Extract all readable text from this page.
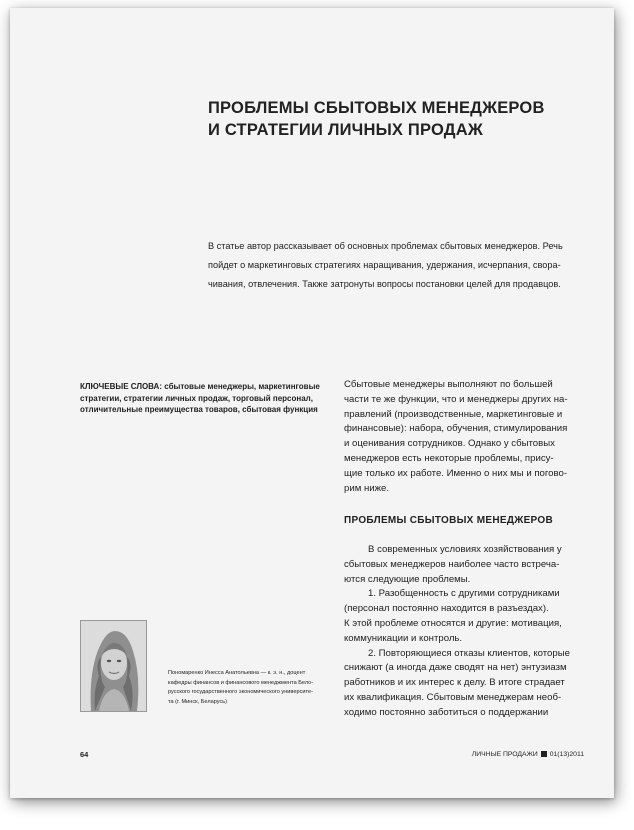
ПРОБЛЕМЫ СБЫТОВЫХ МЕНЕДЖЕРОВ
И СТРАТЕГИИ ЛИЧНЫХ ПРОДАЖ
В статье автор рассказывает об основных проблемах сбытовых менеджеров. Речь
пойдет о маркетинговых стратегиях наращивания, удержания, исчерпания, свора-
чивания, отвлечения. Также затронуты вопросы постановки целей для продавцов.
КЛЮЧЕВЫЕ СЛОВА: сбытовые менеджеры, маркетинговые
стратегии, стратегии личных продаж, торговый персонал,
отличительные преимущества товаров, сбытовая функция
Сбытовые менеджеры выполняют по большей
части те же функции, что и менеджеры других на-
правлений (производственные, маркетинговые и
финансовые): набора, обучения, стимулирования
и оценивания сотрудников. Однако у сбытовых
менеджеров есть некоторые проблемы, прису-
щие только их работе. Именно о них мы и погово-
рим ниже.
ПРОБЛЕМЫ СБЫТОВЫХ МЕНЕДЖЕРОВ
В современных условиях хозяйствования у
сбытовых менеджеров наиболее часто встреча-
ются следующие проблемы.
1. Разобщенность с другими сотрудниками
(персонал постоянно находится в разъездах).
К этой проблеме относятся и другие: мотивация,
коммуникации и контроль.
2. Повторяющиеся отказы клиентов, которые
снижают (а иногда даже сводят на нет) энтузиазм
работников и их интерес к делу. В итоге страдает
их квалификация. Сбытовым менеджерам необ-
ходимо постоянно заботиться о поддержании
Пономаренко Инесса Анатольевна — к. э. н., доцент
кафедры финансов и финансового менеджмента Бело-
русского государственного экономического университе-
та (г. Минск, Беларусь)
64	ЛИЧНЫЕ ПРОДАЖИ 01(13)2011
